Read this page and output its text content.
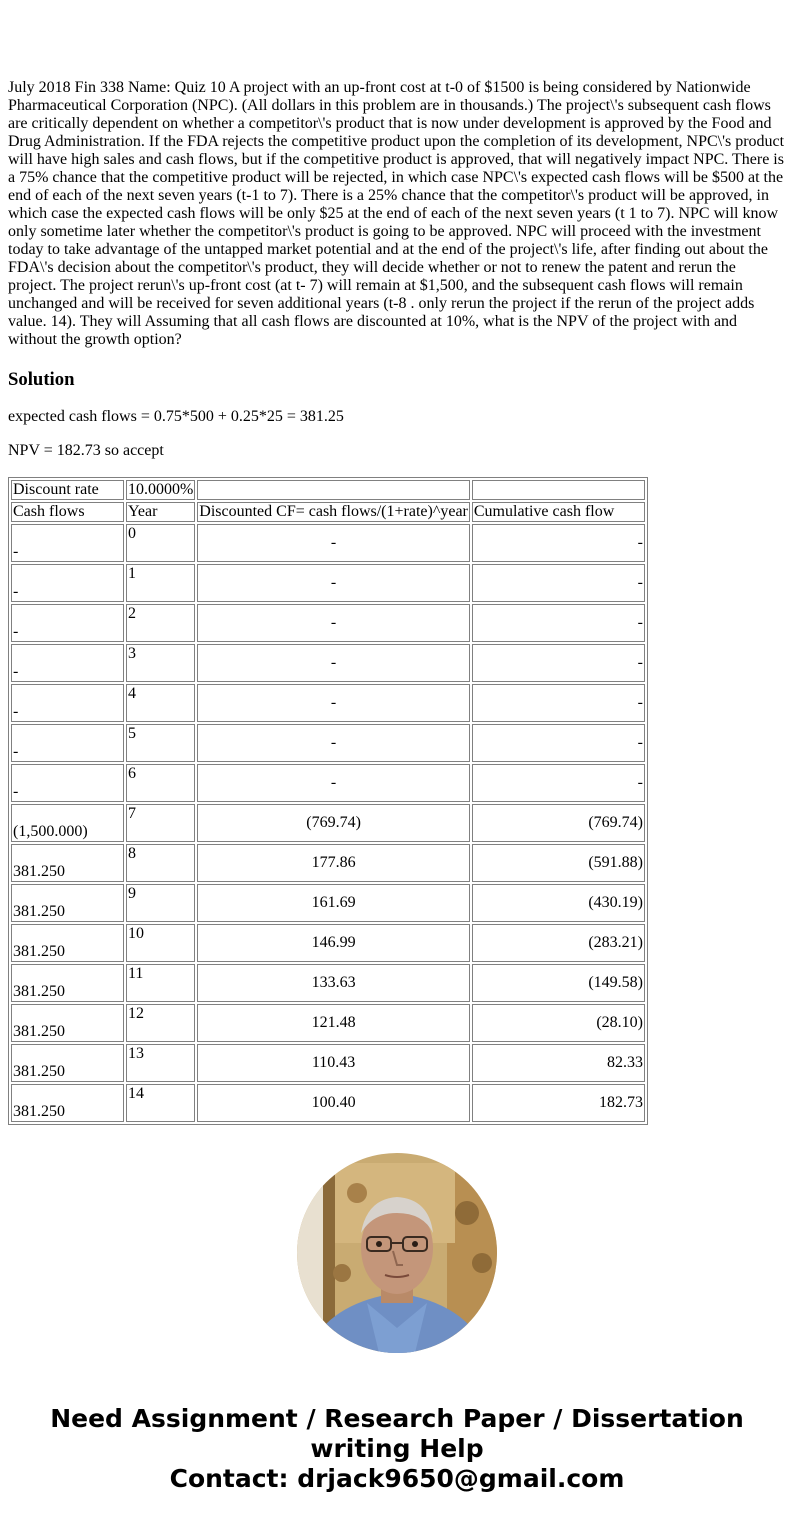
July 2018 Fin 338 Name: Quiz 10 A project with an up-front cost at t-0 of $1500 is being considered by Nationwide Pharmaceutical Corporation (NPC). (All dollars in this problem are in thousands.) The project\'s subsequent cash flows are critically dependent on whether a competitor\'s product that is now under development is approved by the Food and Drug Administration. If the FDA rejects the competitive product upon the completion of its development, NPC\'s product will have high sales and cash flows, but if the competitive product is approved, that will negatively impact NPC. There is a 75% chance that the competitive product will be rejected, in which case NPC\'s expected cash flows will be $500 at the end of each of the next seven years (t-1 to 7). There is a 25% chance that the competitor\'s product will be approved, in which case the expected cash flows will be only $25 at the end of each of the next seven years (t 1 to 7). NPC will know only sometime later whether the competitor\'s product is going to be approved. NPC will proceed with the investment today to take advantage of the untapped market potential and at the end of the project\'s life, after finding out about the FDA\'s decision about the competitor\'s product, they will decide whether or not to renew the patent and rerun the project. The project rerun\'s up-front cost (at t- 7) will remain at $1,500, and the subsequent cash flows will remain unchanged and will be received for seven additional years (t-8 . only rerun the project if the rerun of the project adds value. 14). They will Assuming that all cash flows are discounted at 10%, what is the NPV of the project with and without the growth option?

Solution

expected cash flows = 0.75*500 + 0.25*25 = 381.25

NPV = 182.73 so accept

Discount rate	10.0000%		
Cash flows	Year	Discounted CF= cash flows/(1+rate)^year	Cumulative cash flow
-	0	-	-
-	1	-	-
-	2	-	-
-	3	-	-
-	4	-	-
-	5	-	-
-	6	-	-
(1,500.000)	7	(769.74)	(769.74)
381.250	8	177.86	(591.88)
381.250	9	161.69	(430.19)
381.250	10	146.99	(283.21)
381.250	11	133.63	(149.58)
381.250	12	121.48	(28.10)
381.250	13	110.43	82.33
381.250	14	100.40	182.73
Need Assignment / Research Paper / Dissertation
writing Help
Contact: drjack9650@gmail.com
